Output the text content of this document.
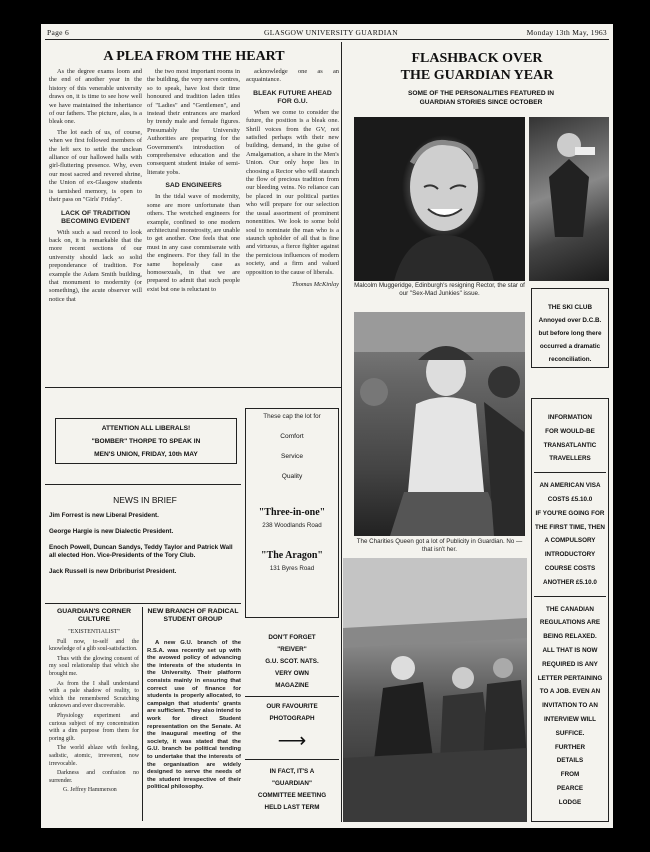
Page 6	GLASGOW UNIVERSITY GUARDIAN	Monday 13th May, 1963
A PLEA FROM THE HEART

As the degree exams loom and the end of another year in the history of this venerable university draws on, it is time to see how well we have maintained the inheritance of our fathers. The picture, alas, is a bleak one.

The lot each of us, of course, when we first followed members of the left sex to settle the unclean alliance of our hallowed halls with girl-fluttering presence. Why, even our most sacred and revered shrine, the Union of ex-Glasgow students is tarnished memory, is open to their pass on "Girls' Friday".

LACK OF TRADITION BECOMING EVIDENT

With such a sad record to look back on, it is remarkable that the more recent sections of our university should lack so solid preponderance of tradition. For example the Adam Smith building, that monument to modernity (or something), the acute observer will notice that

the two most important rooms in the building, the very nerve centres, so to speak, have lost their time honoured and tradition laden titles of "Ladies" and "Gentlemen", and instead their entrances are marked by trendy male and female figures. Presumably the University Authorities are preparing for the Government's introduction of comprehensive education and the consequent student intake of semi-literate yobs.

SAD ENGINEERS

In the tidal wave of modernity, some are more unfortunate than others. The wretched engineers for example, confined to one modern architectural monstrosity, are unable to get another. One feels that one must in any case commiserate with the engineers. For they fall in the same hopelessly case as homosexuals, in that we are prepared to admit that such people exist but one is reluctant to

acknowledge one as an acquaintance.

BLEAK FUTURE AHEAD FOR G.U.

When we come to consider the future, the position is a bleak one. Shrill voices from the GV, not satisfied perhaps with their new building, demand, in the guise of Amalgamation, a share in the Men's Union. Our only hope lies in choosing a Rector who will staunch the flow of precious tradition from our bleeding veins. No reliance can be placed in our political parties who will prepare for our selection the usual assortment of prominent nonentities. We look to some bold soul to nominate the man who is a staunch upholder of all that is fine and virtuous, a fierce fighter against the pernicious influences of modern society, and a firm and valued opposition to the cause of liberals.

Thomas McKinlay

ATTENTION ALL LIBERALS!
"BOMBER" THORPE TO SPEAK IN
MEN'S UNION, FRIDAY, 10th MAY
NEWS IN BRIEF

Jim Forrest is new Liberal President.

George Hargie is new Dialectic President.

Enoch Powell, Duncan Sandys, Teddy Taylor and Patrick Wall all elected Hon. Vice-Presidents of the Tory Club.

Jack Russell is new Dribriburist President.

GUARDIAN'S CORNER CULTURE

"EXISTENTIALIST"

Full now, to-self and the knowledge of a glib soul-satisfaction.

Thus with the glowing consent of my soul relationship that which she brought me.

As from the I shall understand with a pale shadow of reality, to which the remembered Scratching unknown and ever discoverable.

Physiology experiment and curious subject of my concentration with a dim purpose from them for poring gilt.

The world ablaze with feeling, sadistic, atomic, irreverent, now irrevocable.

Darkness and confusion no surrender.

G. Jeffrey Hammerson

NEW BRANCH OF RADICAL STUDENT GROUP

A new G.U. branch of the R.S.A. was recently set up with the avowed policy of advancing the interests of the students in the University. Their platform consists mainly in ensuring that correct use of finance for students is properly allocated, to campaign that students' grants are sufficient. They also intend to work for direct Student representation on the Senate. At the inaugural meeting of the society, it was stated that the G.U. branch be political tending to undertake that the interests of the organisation are widely designed to serve the needs of the student irrespective of their political philosophy.

These cap the lot for
Comfort
Service
Quality
"Three-in-one"
238 Woodlands Road
"The Aragon"
131 Byres Road
DON'T FORGET
"REIVER"
G.U. SCOT. NATS.
VERY OWN
MAGAZINE
OUR FAVOURITE
PHOTOGRAPH
⟶
IN FACT, IT'S A
"GUARDIAN"
COMMITTEE MEETING
HELD LAST TERM
FLASHBACK OVER
THE GUARDIAN YEAR
SOME OF THE PERSONALITIES FEATURED IN GUARDIAN STORIES SINCE OCTOBER
Malcolm Muggeridge, Edinburgh's resigning Rector, the star of our "Sex-Mad Junkies" issue.
The Charities Queen got a lot of Publicity in Guardian. No — that isn't her.
THE SKI CLUB
Annoyed over D.C.B. but before long there occurred a dramatic reconciliation.
INFORMATION
FOR WOULD-BE
TRANSATLANTIC
TRAVELLERS
AN AMERICAN VISA
COSTS £5.10.0
IF YOU'RE GOING FOR
THE FIRST TIME, THEN
A COMPULSORY
INTRODUCTORY
COURSE COSTS
ANOTHER £5.10.0
THE CANADIAN
REGULATIONS ARE
BEING RELAXED.
ALL THAT IS NOW
REQUIRED IS ANY
LETTER PERTAINING
TO A JOB. EVEN AN
INVITATION TO AN
INTERVIEW WILL
SUFFICE.
FURTHER
DETAILS
FROM
PEARCE
LODGE
